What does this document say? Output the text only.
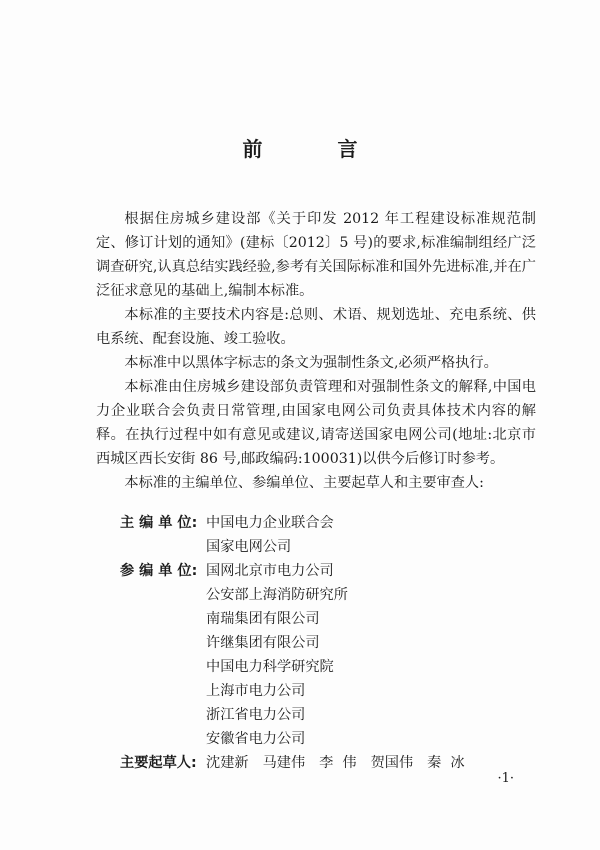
前 言

根据住房城乡建设部《关于印发 2012 年工程建设标准规范制定、修订计划的通知》(建标〔2012〕5 号)的要求,标准编制组经广泛调查研究,认真总结实践经验,参考有关国际标准和国外先进标准,并在广泛征求意见的基础上,编制本标准。

本标准的主要技术内容是:总则、术语、规划选址、充电系统、供电系统、配套设施、竣工验收。

本标准中以黑体字标志的条文为强制性条文,必须严格执行。

本标准由住房城乡建设部负责管理和对强制性条文的解释,中国电力企业联合会负责日常管理,由国家电网公司负责具体技术内容的解释。在执行过程中如有意见或建议,请寄送国家电网公司(地址:北京市西城区西长安街 86 号,邮政编码:100031)以供今后修订时参考。

本标准的主编单位、参编单位、主要起草人和主要审查人:

主 编 单 位: 中国电力企业联合会
国家电网公司
参 编 单 位: 国网北京市电力公司
公安部上海消防研究所
南瑞集团有限公司
许继集团有限公司
中国电力科学研究院
上海市电力公司
浙江省电力公司
安徽省电力公司
主要起草人: 沈建新 马建伟 李  伟 贺国伟 秦  冰
·1·
